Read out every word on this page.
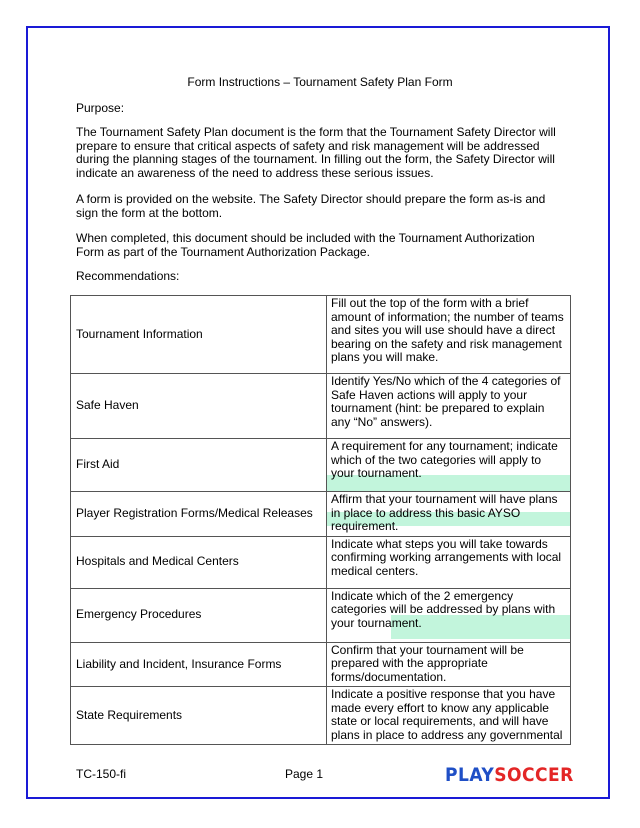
Form Instructions – Tournament Safety Plan Form

Purpose:

The Tournament Safety Plan document is the form that the Tournament Safety Director will prepare to ensure that critical aspects of safety and risk management will be addressed during the planning stages of the tournament. In filling out the form, the Safety Director will indicate an awareness of the need to address these serious issues.

A form is provided on the website. The Safety Director should prepare the form as-is and sign the form at the bottom.

When completed, this document should be included with the Tournament Authorization Form as part of the Tournament Authorization Package.

Recommendations:

Tournament Information	Fill out the top of the form with a brief amount of information; the number of teams and sites you will use should have a direct bearing on the safety and risk management plans you will make.
Safe Haven	Identify Yes/No which of the 4 categories of Safe Haven actions will apply to your tournament (hint: be prepared to explain any “No” answers).
First Aid	A requirement for any tournament; indicate which of the two categories will apply to your tournament.
Player Registration Forms/Medical Releases	Affirm that your tournament will have plans in place to address this basic AYSO requirement.
Hospitals and Medical Centers	Indicate what steps you will take towards confirming working arrangements with local medical centers.
Emergency Procedures	Indicate which of the 2 emergency categories will be addressed by plans with your tournament.
Liability and Incident, Insurance Forms	Confirm that your tournament will be prepared with the appropriate forms/documentation.
State Requirements	Indicate a positive response that you have made every effort to know any applicable state or local requirements, and will have plans in place to address any governmental
TC-150-fi	Page 1	PLAYSOCCER
